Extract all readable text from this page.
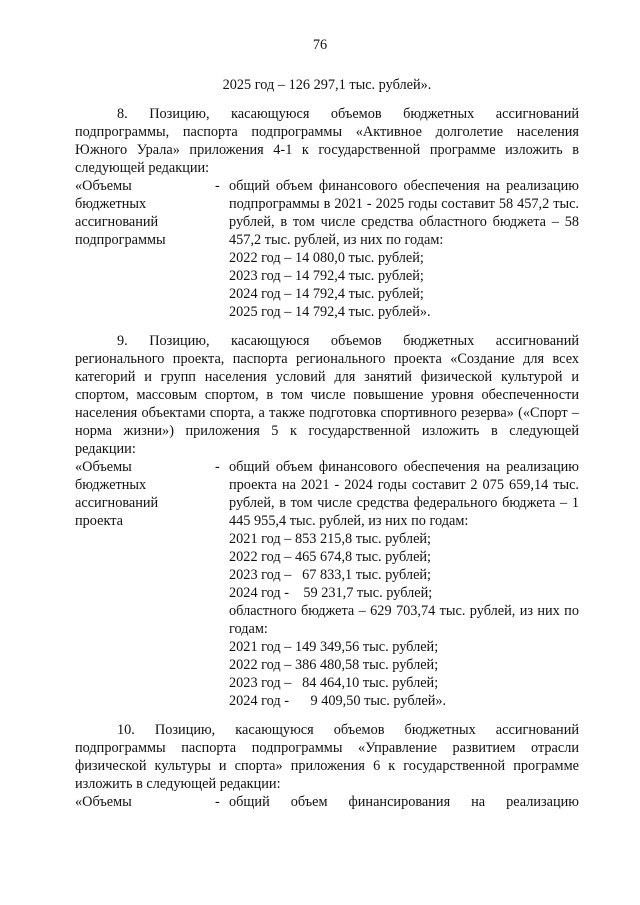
76
2025 год – 126 297,1 тыс. рублей».
8. Позицию, касающуюся объемов бюджетных ассигнований подпрограммы, паспорта подпрограммы «Активное долголетие населения Южного Урала» приложения 4-1 к государственной программе изложить в следующей редакции:
«Объемы
бюджетных
ассигнований
подпрограммы
- общий объем финансового обеспечения на реализацию подпрограммы в 2021 - 2025 годы составит 58 457,2 тыс. рублей, в том числе средства областного бюджета – 58 457,2 тыс. рублей, из них по годам:
2022 год – 14 080,0 тыс. рублей;
2023 год – 14 792,4 тыс. рублей;
2024 год – 14 792,4 тыс. рублей;
2025 год – 14 792,4 тыс. рублей».
9. Позицию, касающуюся объемов бюджетных ассигнований регионального проекта, паспорта регионального проекта «Создание для всех категорий и групп населения условий для занятий физической культурой и спортом, массовым спортом, в том числе повышение уровня обеспеченности населения объектами спорта, а также подготовка спортивного резерва» («Спорт – норма жизни») приложения 5 к государственной изложить в следующей редакции:
«Объемы
бюджетных
ассигнований
проекта
- общий объем финансового обеспечения на реализацию проекта на 2021 - 2024 годы составит 2 075 659,14 тыс. рублей, в том числе средства федерального бюджета – 1 445 955,4 тыс. рублей, из них по годам:
2021 год – 853 215,8 тыс. рублей;
2022 год – 465 674,8 тыс. рублей;
2023 год –   67 833,1 тыс. рублей;
2024 год -    59 231,7 тыс. рублей;
областного бюджета – 629 703,74 тыс. рублей, из них по годам:
2021 год – 149 349,56 тыс. рублей;
2022 год – 386 480,58 тыс. рублей;
2023 год –   84 464,10 тыс. рублей;
2024 год -      9 409,50 тыс. рублей».
10. Позицию, касающуюся объемов бюджетных ассигнований подпрограммы паспорта подпрограммы «Управление развитием отрасли физической культуры и спорта» приложения 6 к государственной программе изложить в следующей редакции:
«Объемы	- общий объем финансирования на реализацию
